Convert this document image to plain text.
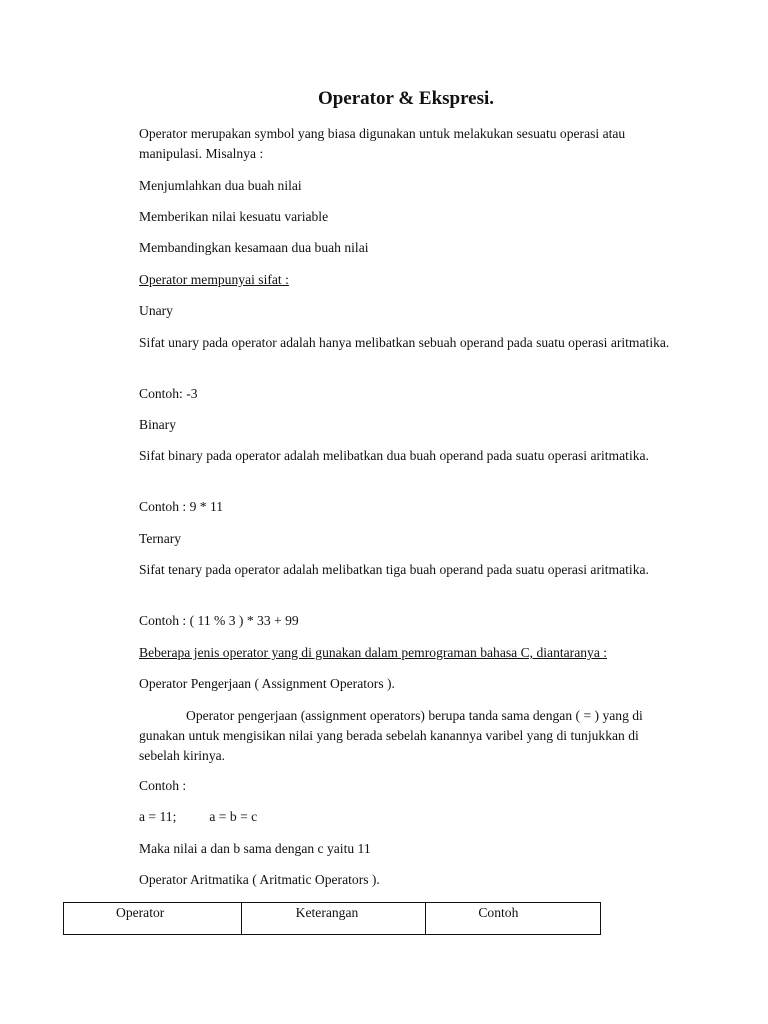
Operator & Ekspresi.

Operator merupakan symbol yang biasa digunakan untuk melakukan sesuatu operasi atau manipulasi. Misalnya :

Menjumlahkan dua buah nilai

Memberikan nilai kesuatu variable

Membandingkan kesamaan dua buah nilai

Operator mempunyai sifat :

Unary

Sifat unary pada operator adalah hanya melibatkan sebuah operand pada suatu operasi aritmatika.

Contoh: -3

Binary

Sifat binary pada operator adalah melibatkan dua buah operand pada suatu operasi aritmatika.

Contoh : 9 * 11

Ternary

Sifat tenary pada operator adalah melibatkan tiga buah operand pada suatu operasi aritmatika.

Contoh : ( 11 % 3 ) * 33 + 99

Beberapa jenis operator yang di gunakan dalam pemrograman bahasa C, diantaranya :

Operator Pengerjaan ( Assignment Operators ).

Operator pengerjaan (assignment operators) berupa tanda sama dengan ( = ) yang di gunakan untuk mengisikan nilai yang berada sebelah kanannya varibel yang di tunjukkan di sebelah kirinya.

Contoh :

a = 11; a = b = c

Maka nilai a dan b sama dengan c yaitu 11

Operator Aritmatika ( Aritmatic Operators ).

Operator	Keterangan	Contoh
